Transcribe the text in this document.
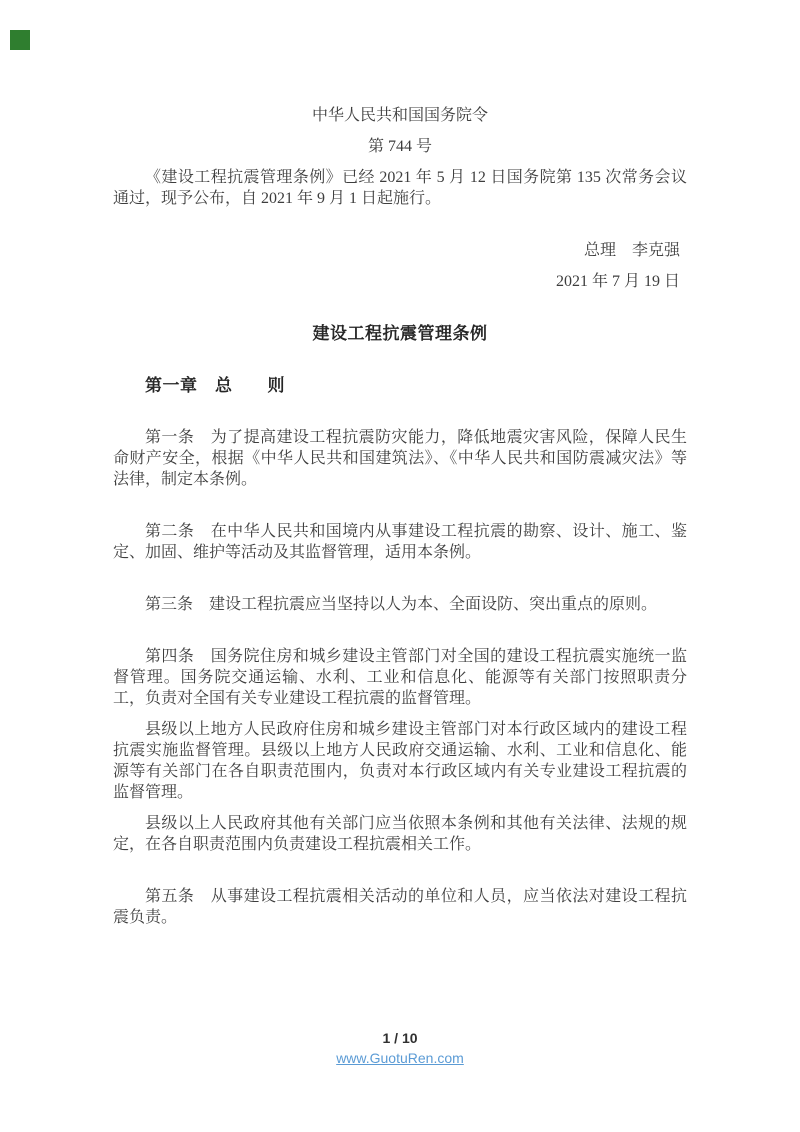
中华人民共和国国务院令

第 744 号

《建设工程抗震管理条例》已经 2021 年 5 月 12 日国务院第 135 次常务会议通过，现予公布，自 2021 年 9 月 1 日起施行。

总理　李克强

2021 年 7 月 19 日

建设工程抗震管理条例

第一章　总　　则

第一条　为了提高建设工程抗震防灾能力，降低地震灾害风险，保障人民生命财产安全，根据《中华人民共和国建筑法》、《中华人民共和国防震减灾法》等法律，制定本条例。

第二条　在中华人民共和国境内从事建设工程抗震的勘察、设计、施工、鉴定、加固、维护等活动及其监督管理，适用本条例。

第三条　建设工程抗震应当坚持以人为本、全面设防、突出重点的原则。

第四条　国务院住房和城乡建设主管部门对全国的建设工程抗震实施统一监督管理。国务院交通运输、水利、工业和信息化、能源等有关部门按照职责分工，负责对全国有关专业建设工程抗震的监督管理。

县级以上地方人民政府住房和城乡建设主管部门对本行政区域内的建设工程抗震实施监督管理。县级以上地方人民政府交通运输、水利、工业和信息化、能源等有关部门在各自职责范围内，负责对本行政区域内有关专业建设工程抗震的监督管理。

县级以上人民政府其他有关部门应当依照本条例和其他有关法律、法规的规定，在各自职责范围内负责建设工程抗震相关工作。

第五条　从事建设工程抗震相关活动的单位和人员，应当依法对建设工程抗震负责。

1 / 10
www.GuotuRen.com
